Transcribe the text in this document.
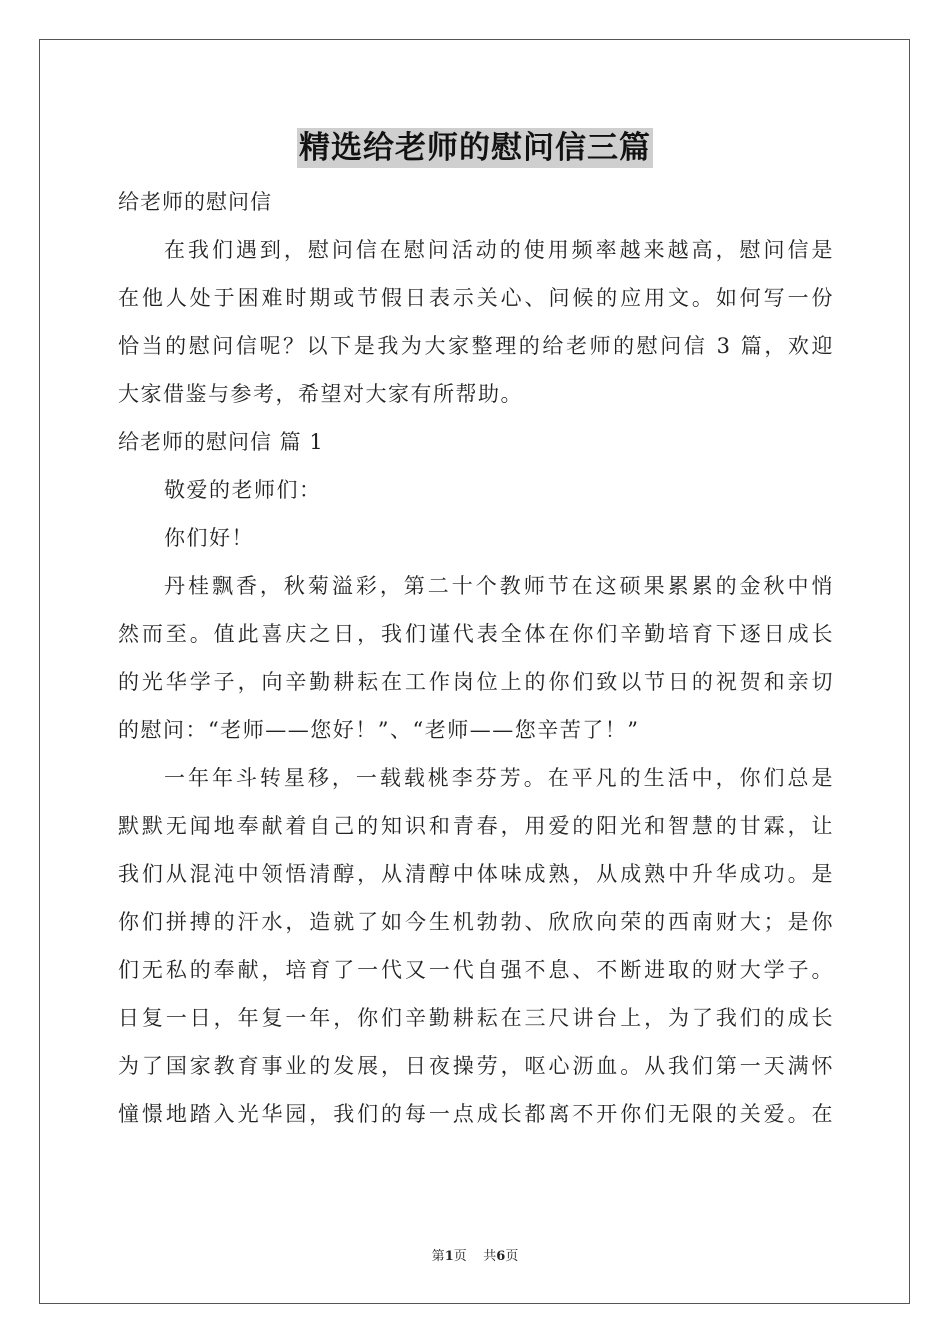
精选给老师的慰问信三篇
给老师的慰问信
在我们遇到，慰问信在慰问活动的使用频率越来越高，慰问信是
在他人处于困难时期或节假日表示关心、问候的应用文。如何写一份
恰当的慰问信呢？以下是我为大家整理的给老师的慰问信 3 篇，欢迎
大家借鉴与参考，希望对大家有所帮助。
给老师的慰问信 篇 1
敬爱的老师们：
你们好！
丹桂飘香，秋菊溢彩，第二十个教师节在这硕果累累的金秋中悄
然而至。值此喜庆之日，我们谨代表全体在你们辛勤培育下逐日成长
的光华学子，向辛勤耕耘在工作岗位上的你们致以节日的祝贺和亲切
的慰问：“老师——您好！”、“老师——您辛苦了！”
一年年斗转星移，一载载桃李芬芳。在平凡的生活中，你们总是
默默无闻地奉献着自己的知识和青春，用爱的阳光和智慧的甘霖，让
我们从混沌中领悟清醇，从清醇中体味成熟，从成熟中升华成功。是
你们拼搏的汗水，造就了如今生机勃勃、欣欣向荣的西南财大；是你
们无私的奉献，培育了一代又一代自强不息、不断进取的财大学子。
日复一日，年复一年，你们辛勤耕耘在三尺讲台上，为了我们的成长
为了国家教育事业的发展，日夜操劳，呕心沥血。从我们第一天满怀
憧憬地踏入光华园，我们的每一点成长都离不开你们无限的关爱。在
第1页    共6页
